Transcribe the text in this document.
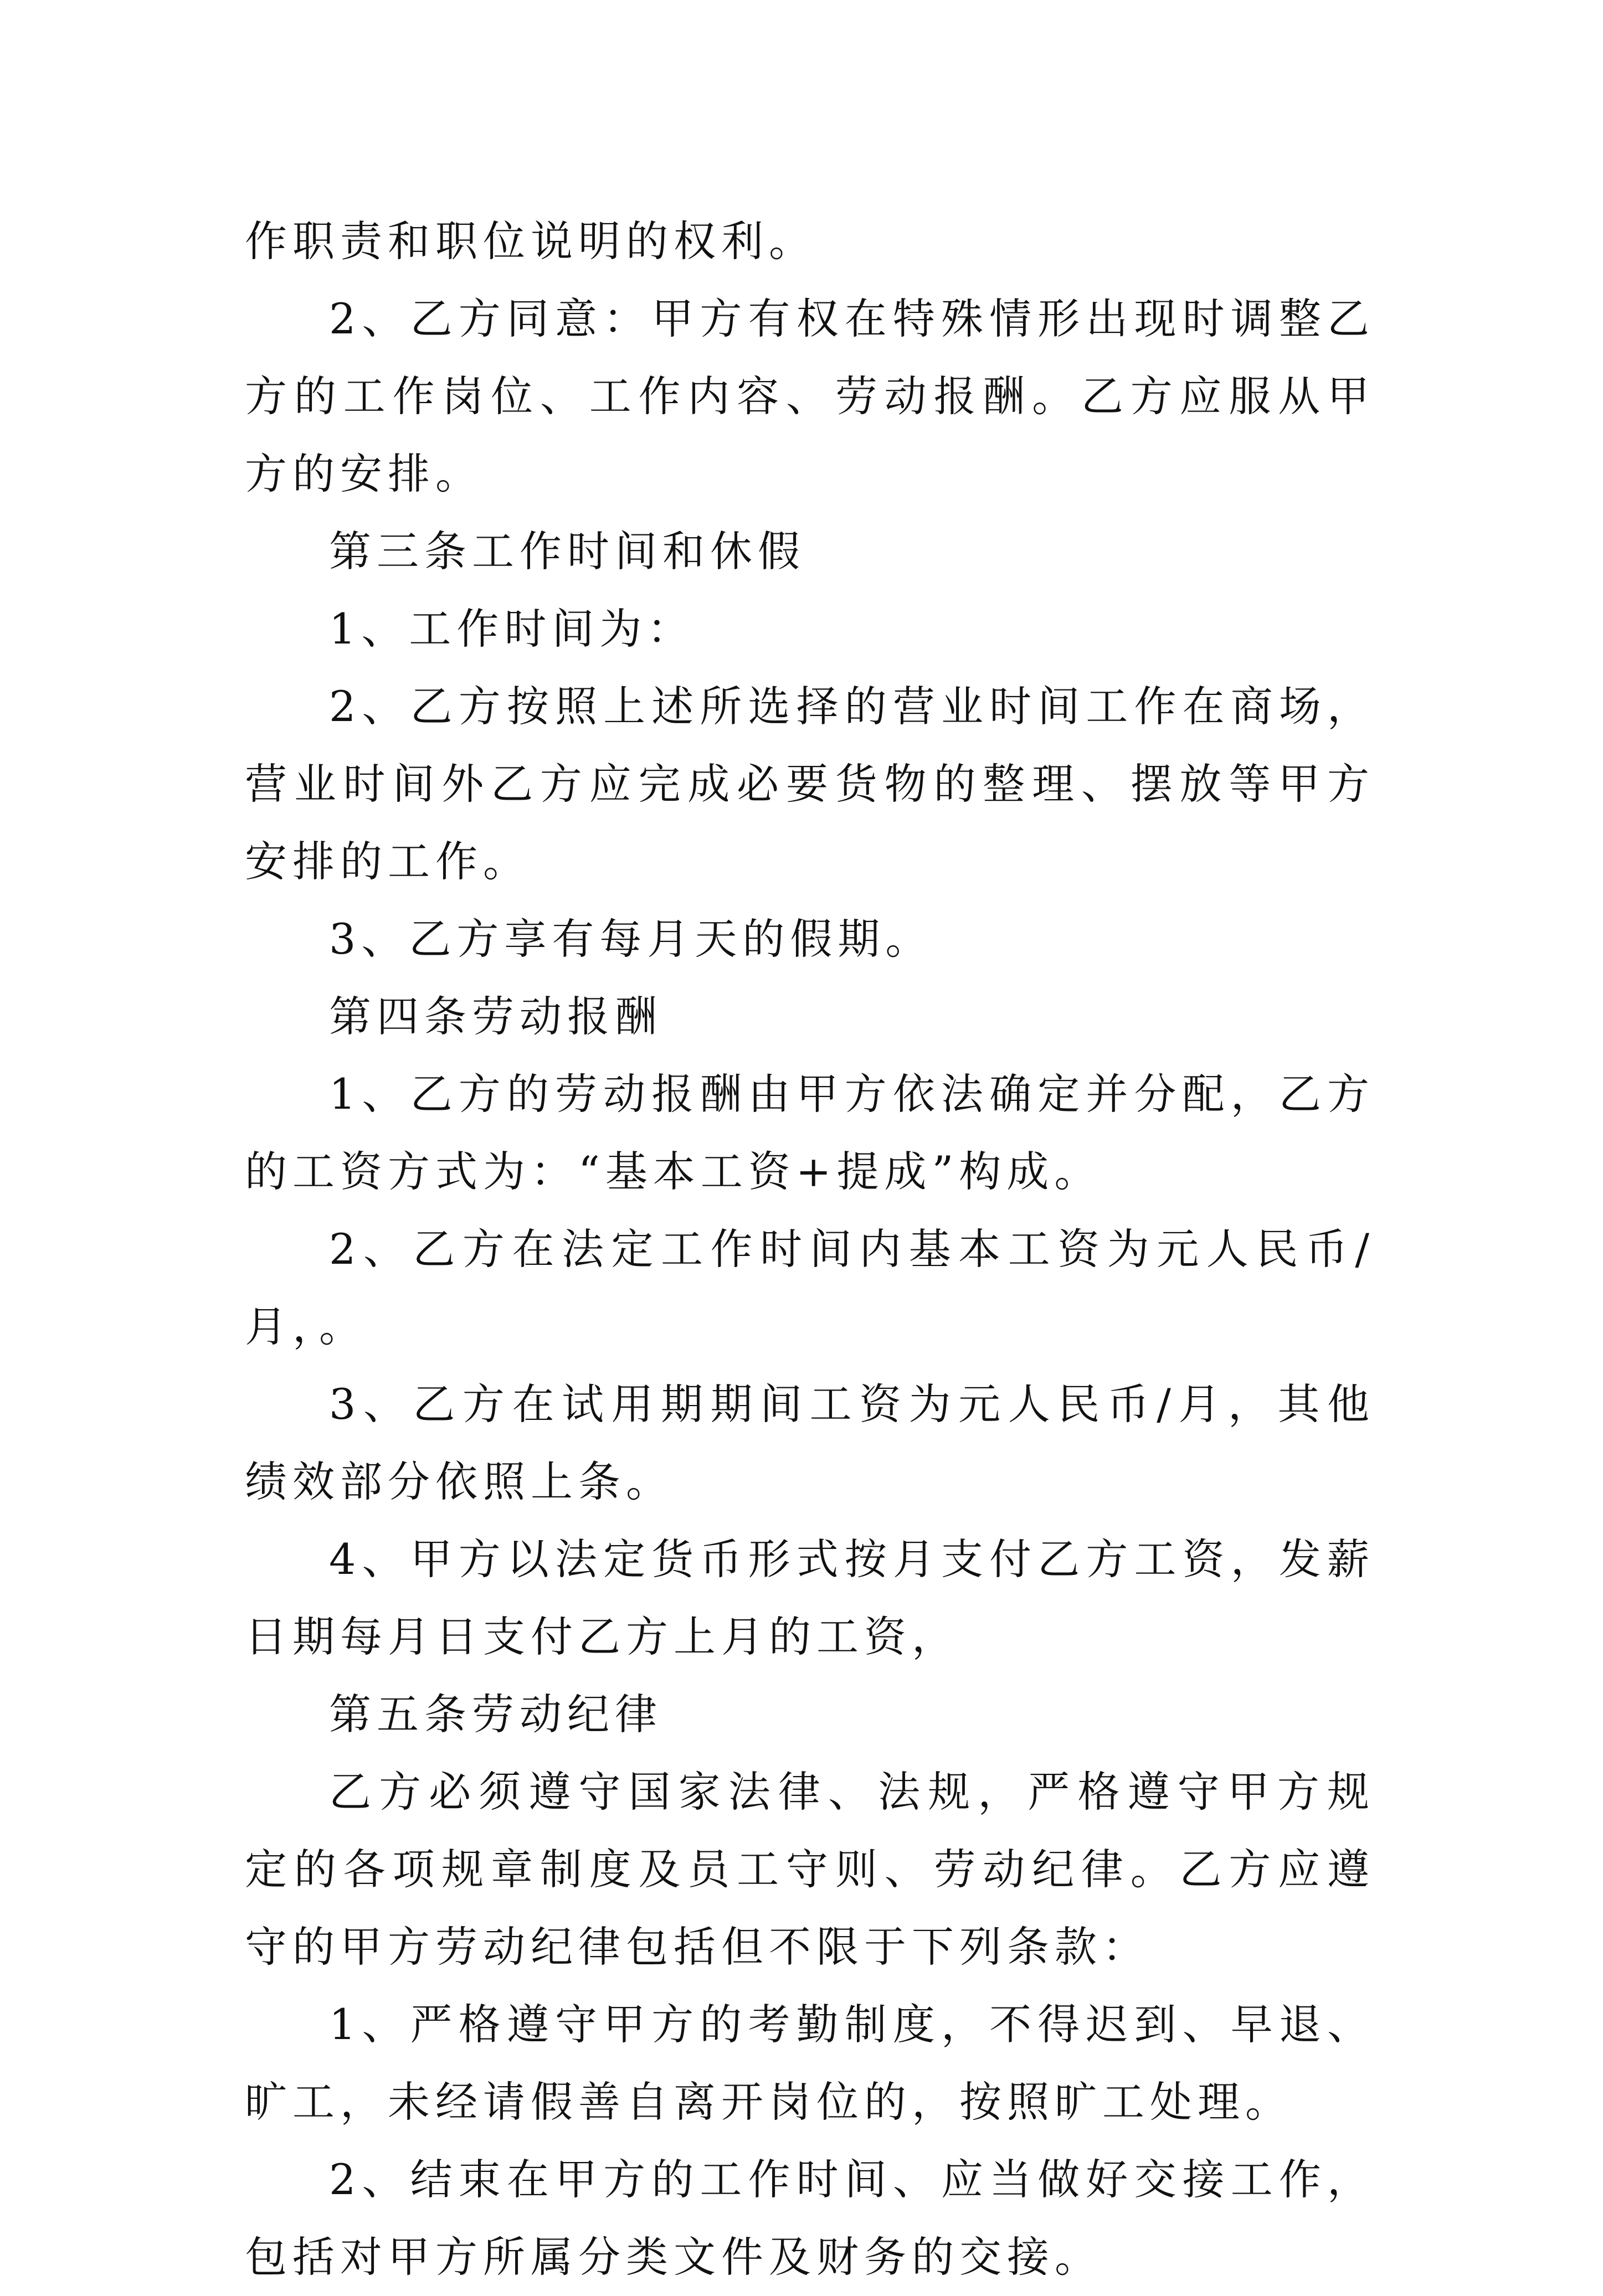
作职责和职位说明的权利。

2、乙方同意：甲方有权在特殊情形出现时调整乙方的工作岗位、工作内容、劳动报酬。乙方应服从甲方的安排。

第三条工作时间和休假

1、工作时间为：

2、乙方按照上述所选择的营业时间工作在商场，营业时间外乙方应完成必要货物的整理、摆放等甲方安排的工作。

3、乙方享有每月天的假期。

第四条劳动报酬

1、乙方的劳动报酬由甲方依法确定并分配，乙方的工资方式为：“基本工资+提成”构成。

2、乙方在法定工作时间内基本工资为元人民币/月，。

3、乙方在试用期期间工资为元人民币/月，其他绩效部分依照上条。

4、甲方以法定货币形式按月支付乙方工资，发薪日期每月日支付乙方上月的工资，

第五条劳动纪律

乙方必须遵守国家法律、法规，严格遵守甲方规定的各项规章制度及员工守则、劳动纪律。乙方应遵守的甲方劳动纪律包括但不限于下列条款：

1、严格遵守甲方的考勤制度，不得迟到、早退、旷工，未经请假善自离开岗位的，按照旷工处理。

2、结束在甲方的工作时间、应当做好交接工作，包括对甲方所属分类文件及财务的交接。
